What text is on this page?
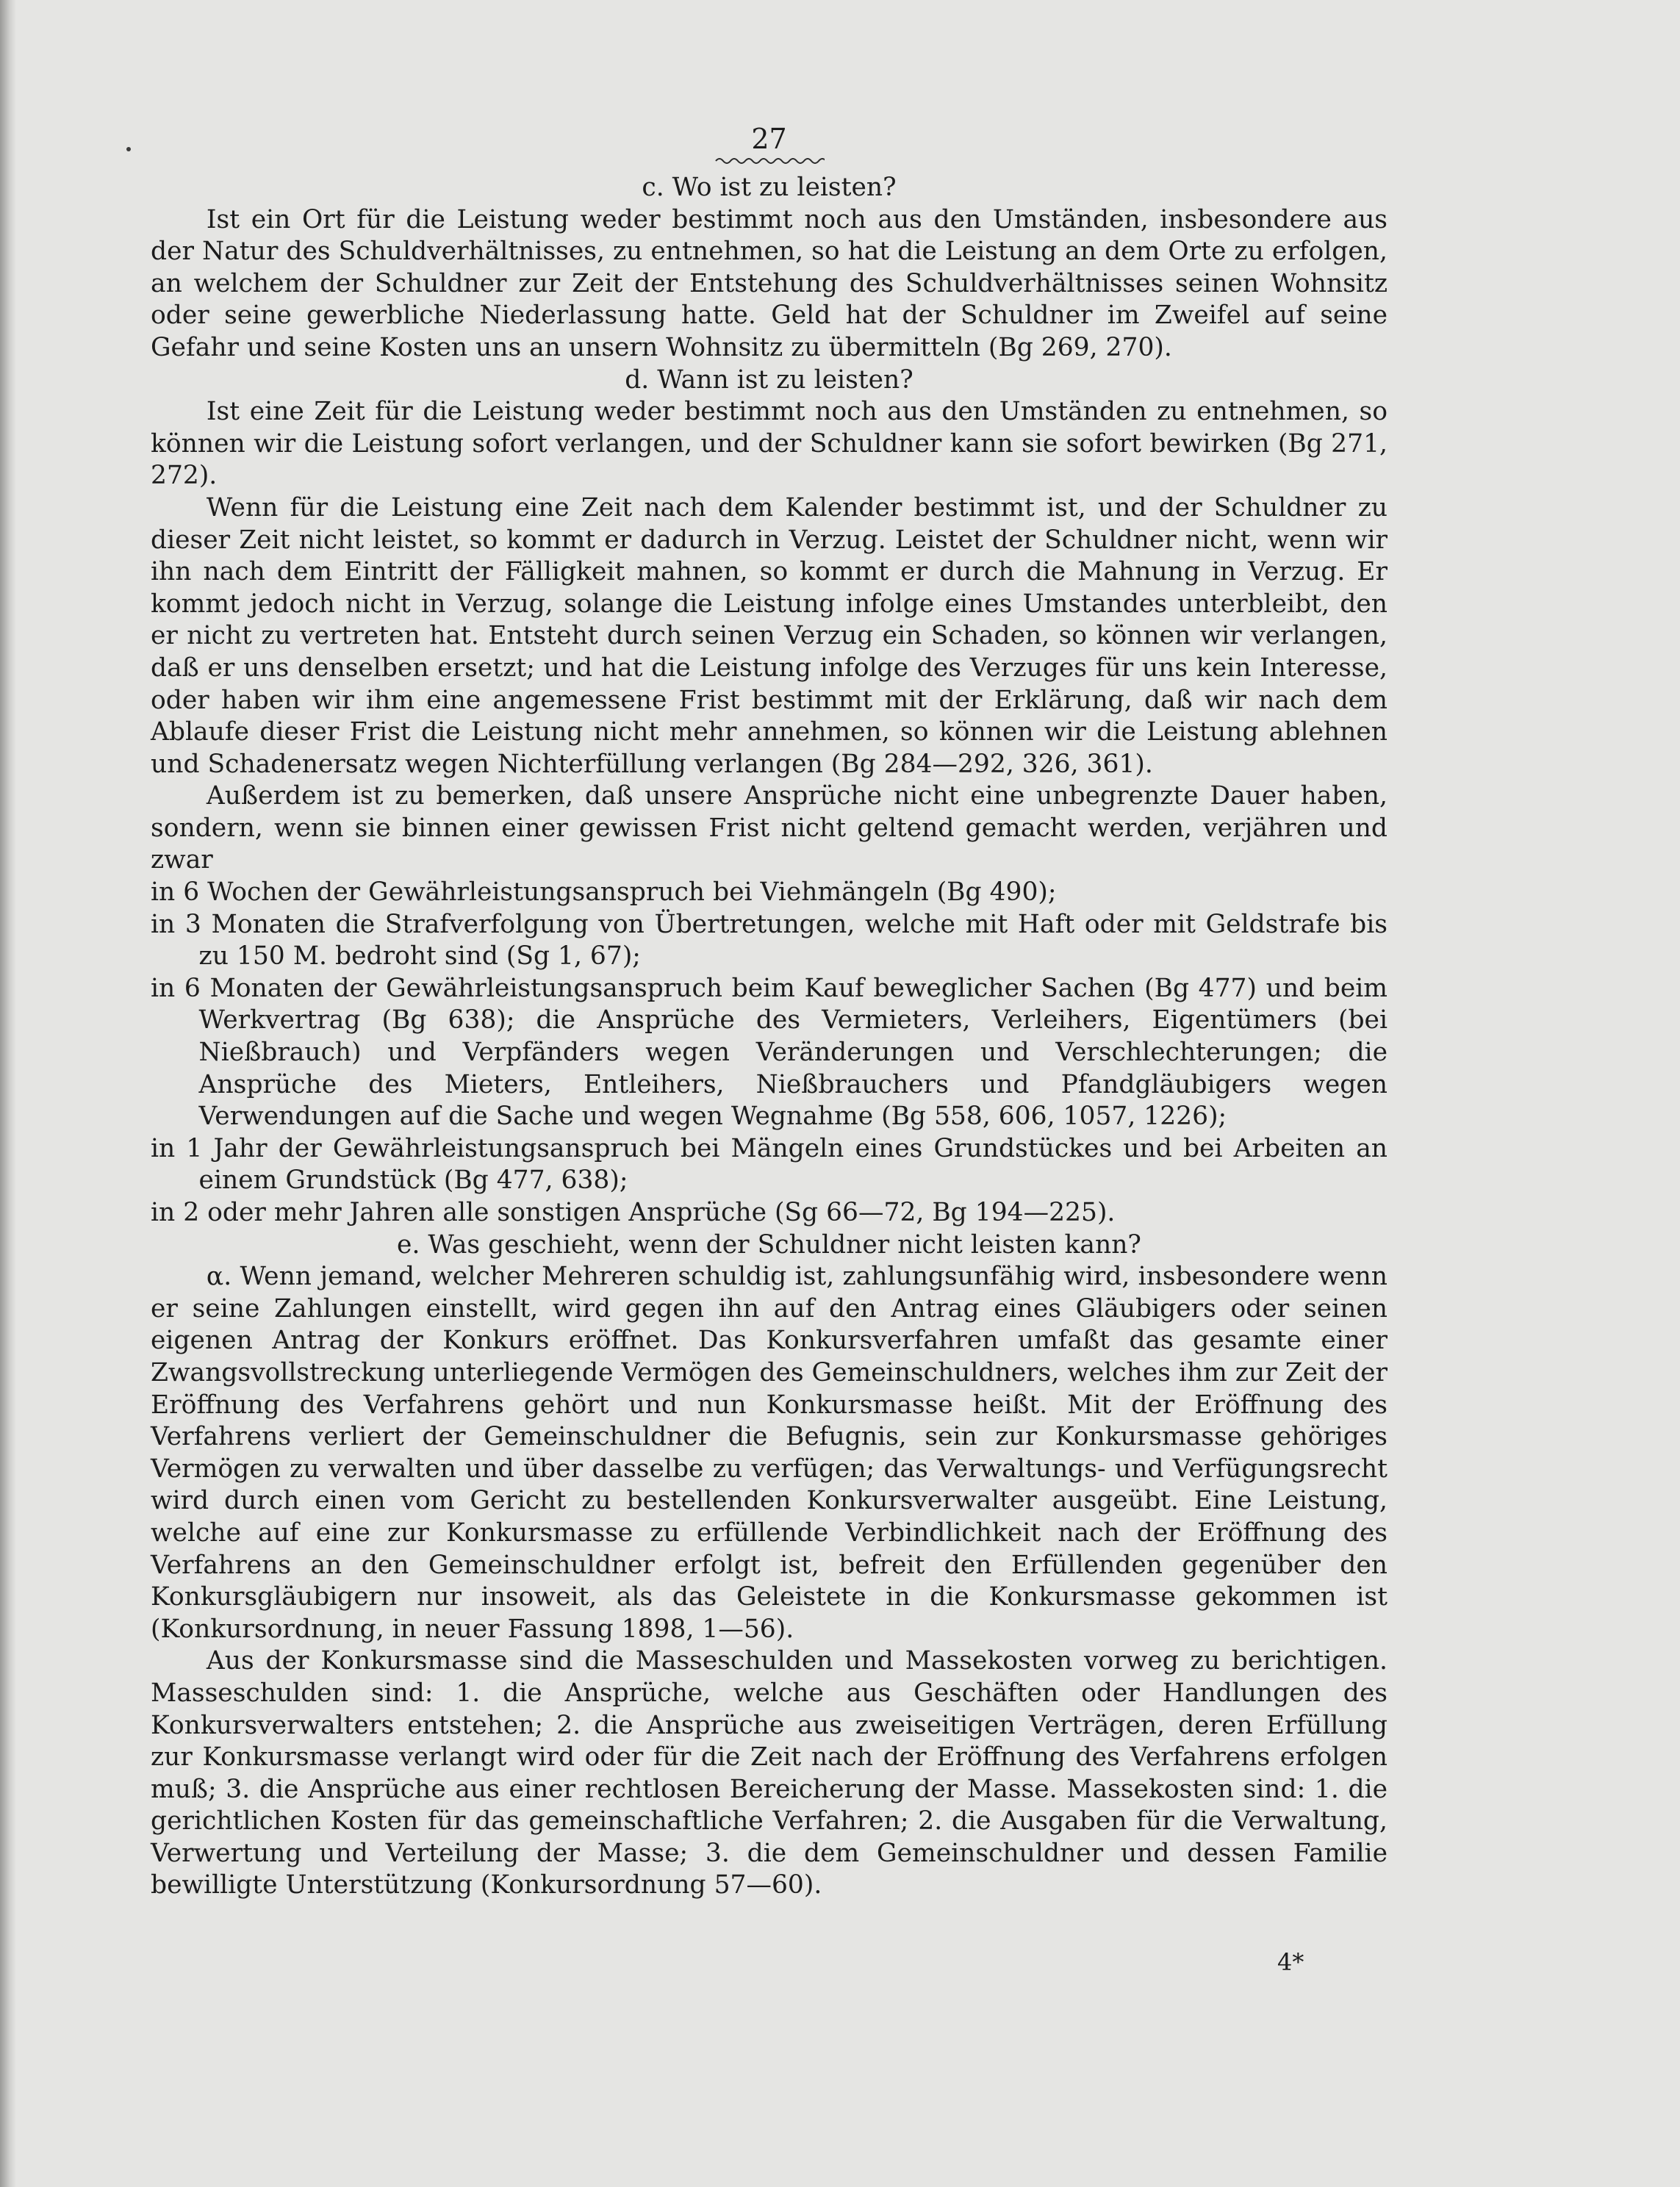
27
c. Wo ist zu leisten?

Ist ein Ort für die Leistung weder bestimmt noch aus den Umständen, insbesondere aus der Natur des Schuldverhältnisses, zu entnehmen, so hat die Leistung an dem Orte zu erfolgen, an welchem der Schuldner zur Zeit der Entstehung des Schuldverhältnisses seinen Wohnsitz oder seine gewerbliche Niederlassung hatte. Geld hat der Schuldner im Zweifel auf seine Gefahr und seine Kosten uns an unsern Wohnsitz zu übermitteln (Bg 269, 270).

d. Wann ist zu leisten?

Ist eine Zeit für die Leistung weder bestimmt noch aus den Umständen zu entnehmen, so können wir die Leistung sofort verlangen, und der Schuldner kann sie sofort bewirken (Bg 271, 272).

Wenn für die Leistung eine Zeit nach dem Kalender bestimmt ist, und der Schuldner zu dieser Zeit nicht leistet, so kommt er dadurch in Verzug. Leistet der Schuldner nicht, wenn wir ihn nach dem Eintritt der Fälligkeit mahnen, so kommt er durch die Mahnung in Verzug. Er kommt jedoch nicht in Verzug, solange die Leistung infolge eines Umstandes unterbleibt, den er nicht zu vertreten hat. Entsteht durch seinen Verzug ein Schaden, so können wir verlangen, daß er uns denselben ersetzt; und hat die Leistung infolge des Verzuges für uns kein Interesse, oder haben wir ihm eine angemessene Frist bestimmt mit der Erklärung, daß wir nach dem Ablaufe dieser Frist die Leistung nicht mehr annehmen, so können wir die Leistung ablehnen und Schadenersatz wegen Nichterfüllung verlangen (Bg 284—292, 326, 361).

Außerdem ist zu bemerken, daß unsere Ansprüche nicht eine unbegrenzte Dauer haben, sondern, wenn sie binnen einer gewissen Frist nicht geltend gemacht werden, verjähren und zwar

in 6 Wochen der Gewährleistungsanspruch bei Viehmängeln (Bg 490);
in 3 Monaten die Strafverfolgung von Übertretungen, welche mit Haft oder mit Geldstrafe bis zu 150 M. bedroht sind (Sg 1, 67);
in 6 Monaten der Gewährleistungsanspruch beim Kauf beweglicher Sachen (Bg 477) und beim Werkvertrag (Bg 638); die Ansprüche des Vermieters, Verleihers, Eigentümers (bei Nießbrauch) und Verpfänders wegen Veränderungen und Verschlechterungen; die Ansprüche des Mieters, Entleihers, Nießbrauchers und Pfandgläubigers wegen Verwendungen auf die Sache und wegen Wegnahme (Bg 558, 606, 1057, 1226);
in 1 Jahr der Gewährleistungsanspruch bei Mängeln eines Grundstückes und bei Arbeiten an einem Grundstück (Bg 477, 638);
in 2 oder mehr Jahren alle sonstigen Ansprüche (Sg 66—72, Bg 194—225).
e. Was geschieht, wenn der Schuldner nicht leisten kann?

α. Wenn jemand, welcher Mehreren schuldig ist, zahlungsunfähig wird, insbesondere wenn er seine Zahlungen einstellt, wird gegen ihn auf den Antrag eines Gläubigers oder seinen eigenen Antrag der Konkurs eröffnet. Das Konkursverfahren umfaßt das gesamte einer Zwangsvollstreckung unterliegende Vermögen des Gemeinschuldners, welches ihm zur Zeit der Eröffnung des Verfahrens gehört und nun Konkursmasse heißt. Mit der Eröffnung des Verfahrens verliert der Gemeinschuldner die Befugnis, sein zur Konkursmasse gehöriges Vermögen zu verwalten und über dasselbe zu verfügen; das Verwaltungs- und Verfügungsrecht wird durch einen vom Gericht zu bestellenden Konkursverwalter ausgeübt. Eine Leistung, welche auf eine zur Konkursmasse zu erfüllende Verbindlichkeit nach der Eröffnung des Verfahrens an den Gemeinschuldner erfolgt ist, befreit den Erfüllenden gegenüber den Konkursgläubigern nur insoweit, als das Geleistete in die Konkursmasse gekommen ist (Konkursordnung, in neuer Fassung 1898, 1—56).

Aus der Konkursmasse sind die Masseschulden und Massekosten vorweg zu berichtigen. Masseschulden sind: 1. die Ansprüche, welche aus Geschäften oder Handlungen des Konkursverwalters entstehen; 2. die Ansprüche aus zweiseitigen Verträgen, deren Erfüllung zur Konkursmasse verlangt wird oder für die Zeit nach der Eröffnung des Verfahrens erfolgen muß; 3. die Ansprüche aus einer rechtlosen Bereicherung der Masse. Massekosten sind: 1. die gerichtlichen Kosten für das gemeinschaftliche Verfahren; 2. die Ausgaben für die Verwaltung, Verwertung und Verteilung der Masse; 3. die dem Gemeinschuldner und dessen Familie bewilligte Unterstützung (Konkursordnung 57—60).

4*
